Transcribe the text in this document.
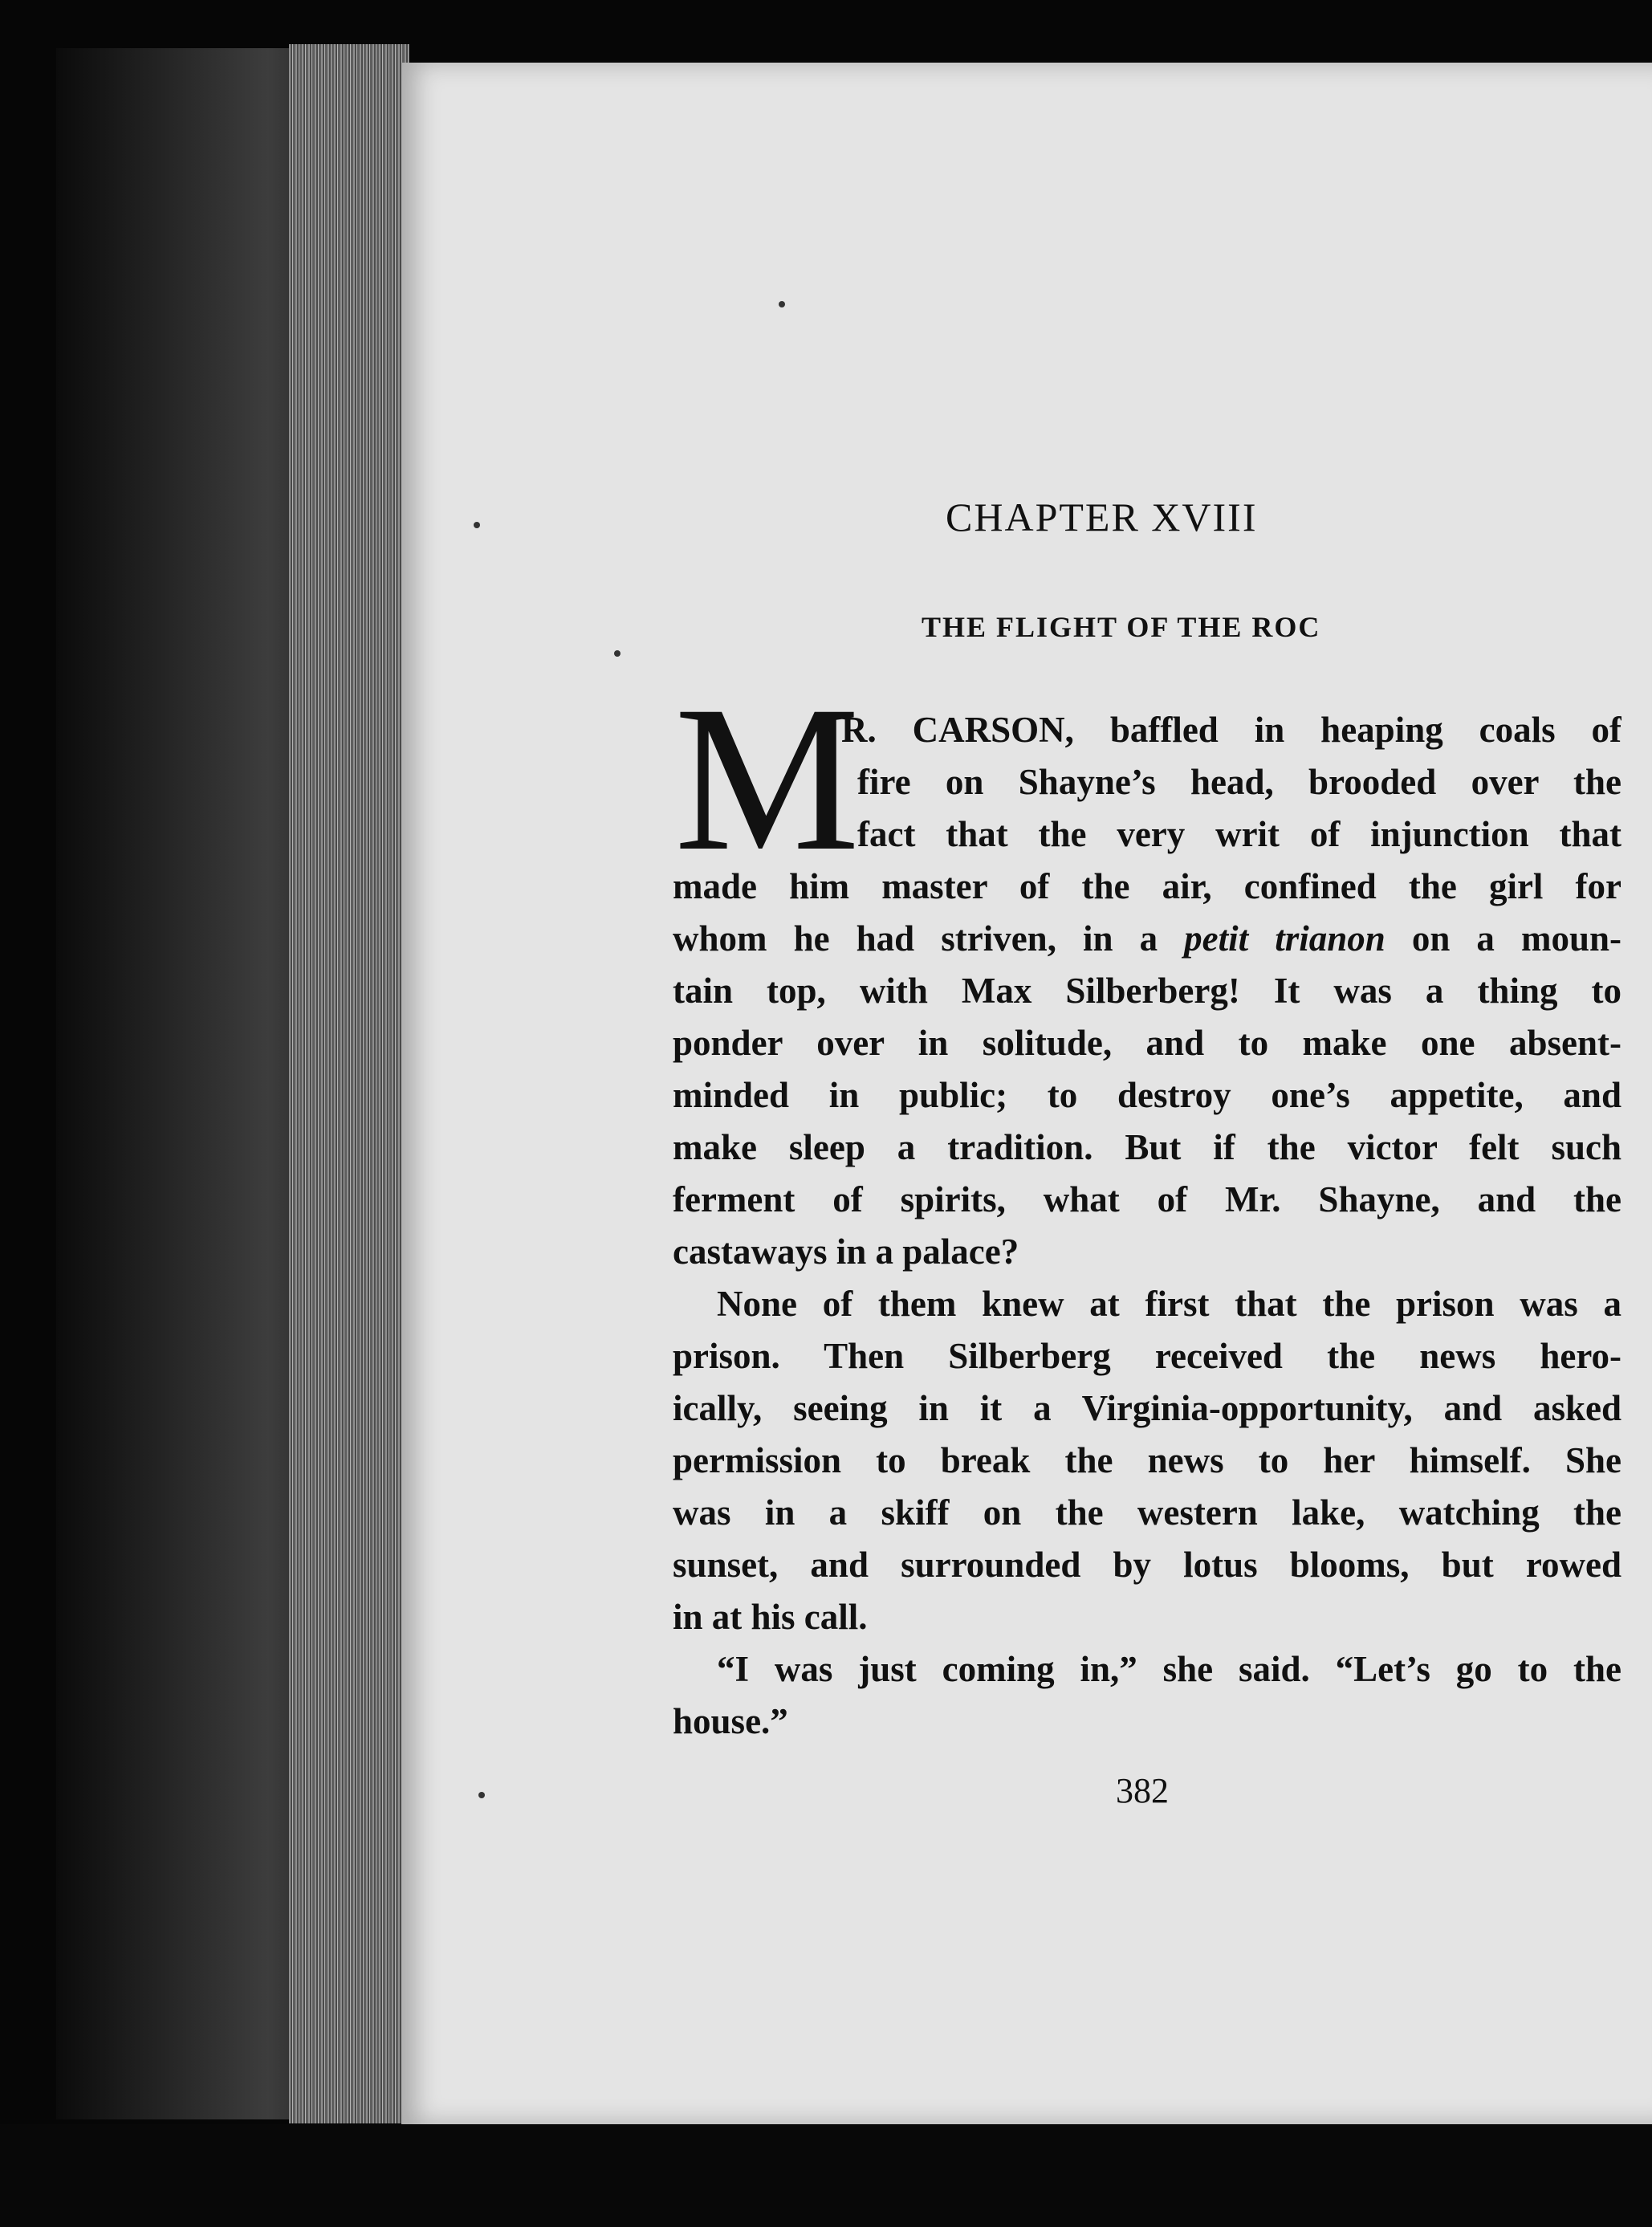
CHAPTER XVIII
THE FLIGHT OF THE ROC
M
R. CARSON, baffled in heaping coals of
fire on Shayne’s head, brooded over the
fact that the very writ of injunction that
made him master of the air, confined the girl for
whom he had striven, in a petit trianon on a moun-
tain top, with Max Silberberg! It was a thing to
ponder over in solitude, and to make one absent-
minded in public; to destroy one’s appetite, and
make sleep a tradition. But if the victor felt such
ferment of spirits, what of Mr. Shayne, and the
castaways in a palace?
None of them knew at first that the prison was a
prison. Then Silberberg received the news hero-
ically, seeing in it a Virginia-opportunity, and asked
permission to break the news to her himself. She
was in a skiff on the western lake, watching the
sunset, and surrounded by lotus blooms, but rowed
in at his call.
“I was just coming in,” she said. “Let’s go to the
house.”
382
